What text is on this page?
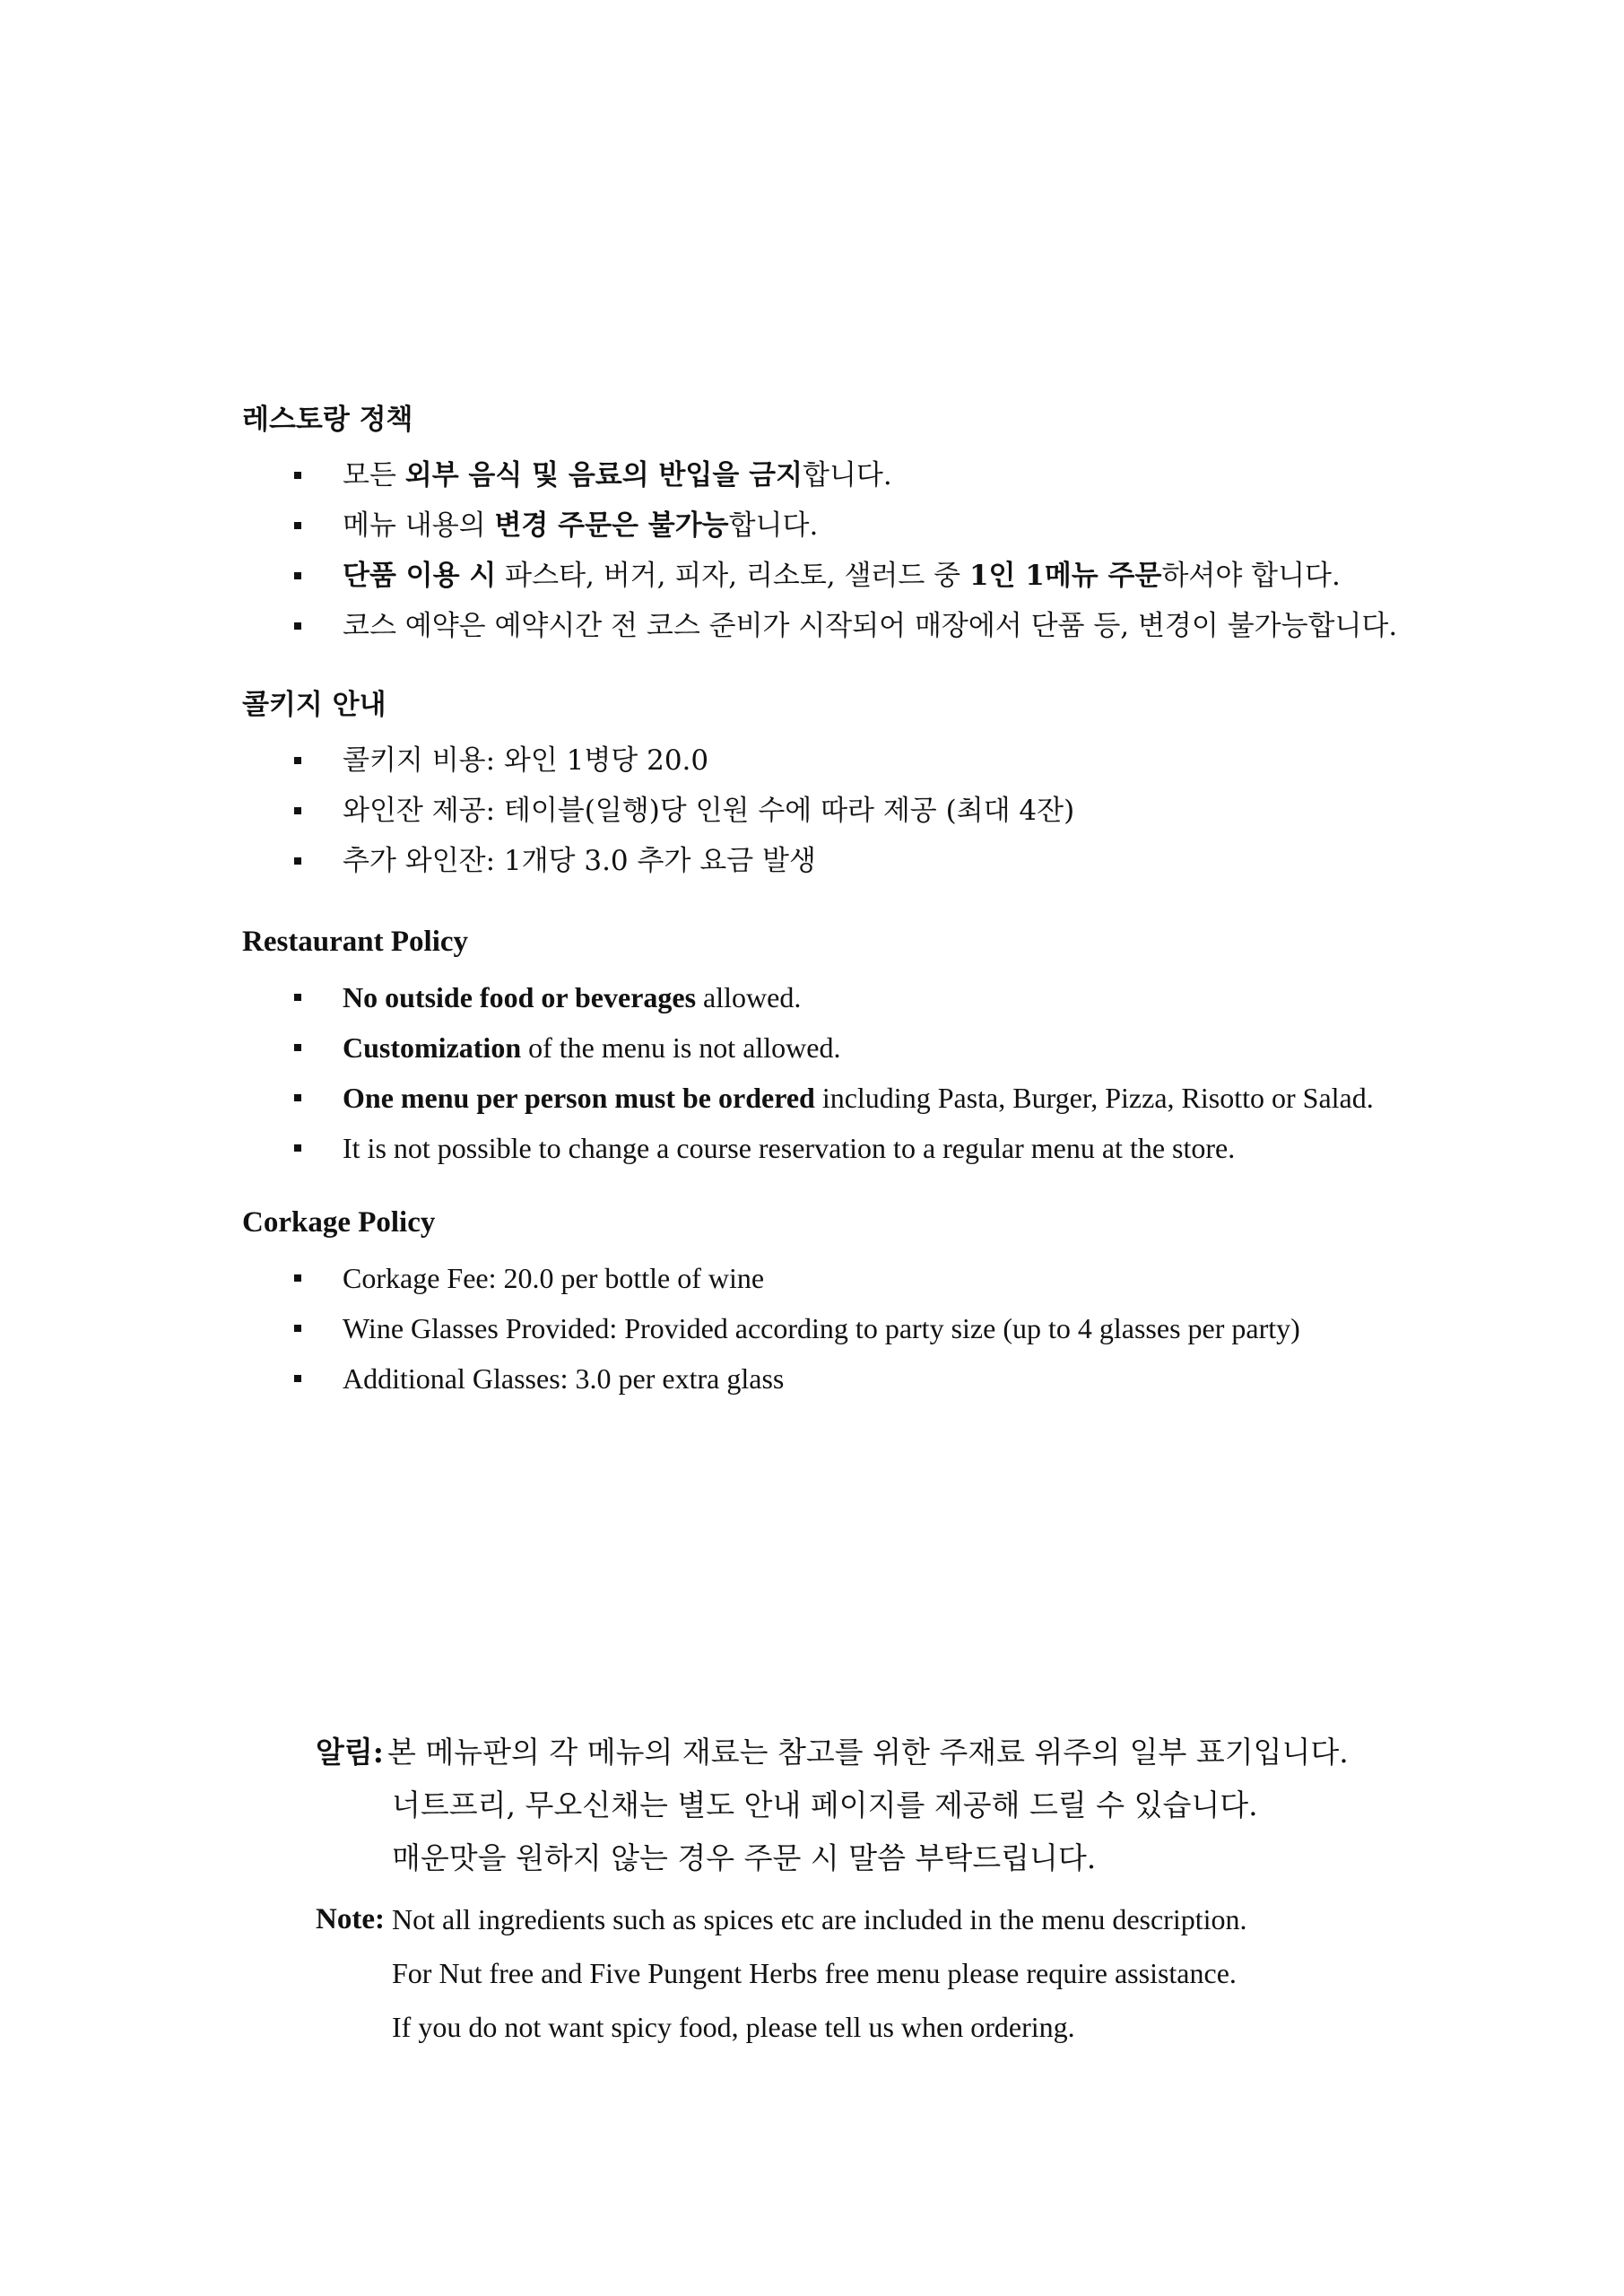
레스토랑 정책
모든 외부 음식 및 음료의 반입을 금지합니다.
메뉴 내용의 변경 주문은 불가능합니다.
단품 이용 시 파스타, 버거, 피자, 리소토, 샐러드 중 1인 1메뉴 주문하셔야 합니다.
코스 예약은 예약시간 전 코스 준비가 시작되어 매장에서 단품 등, 변경이 불가능합니다.
콜키지 안내
콜키지 비용: 와인 1병당 20.0
와인잔 제공: 테이블(일행)당 인원 수에 따라 제공 (최대 4잔)
추가 와인잔: 1개당 3.0 추가 요금 발생
Restaurant Policy
No outside food or beverages allowed.
Customization of the menu is not allowed.
One menu per person must be ordered including Pasta, Burger, Pizza, Risotto or Salad.
It is not possible to change a course reservation to a regular menu at the store.
Corkage Policy
Corkage Fee: 20.0 per bottle of wine
Wine Glasses Provided: Provided according to party size (up to 4 glasses per party)
Additional Glasses: 3.0 per extra glass
알림: 본 메뉴판의 각 메뉴의 재료는 참고를 위한 주재료 위주의 일부 표기입니다.
너트프리, 무오신채는 별도 안내 페이지를 제공해 드릴 수 있습니다.
매운맛을 원하지 않는 경우 주문 시 말씀 부탁드립니다.
Note: Not all ingredients such as spices etc are included in the menu description.
For Nut free and Five Pungent Herbs free menu please require assistance.
If you do not want spicy food, please tell us when ordering.
